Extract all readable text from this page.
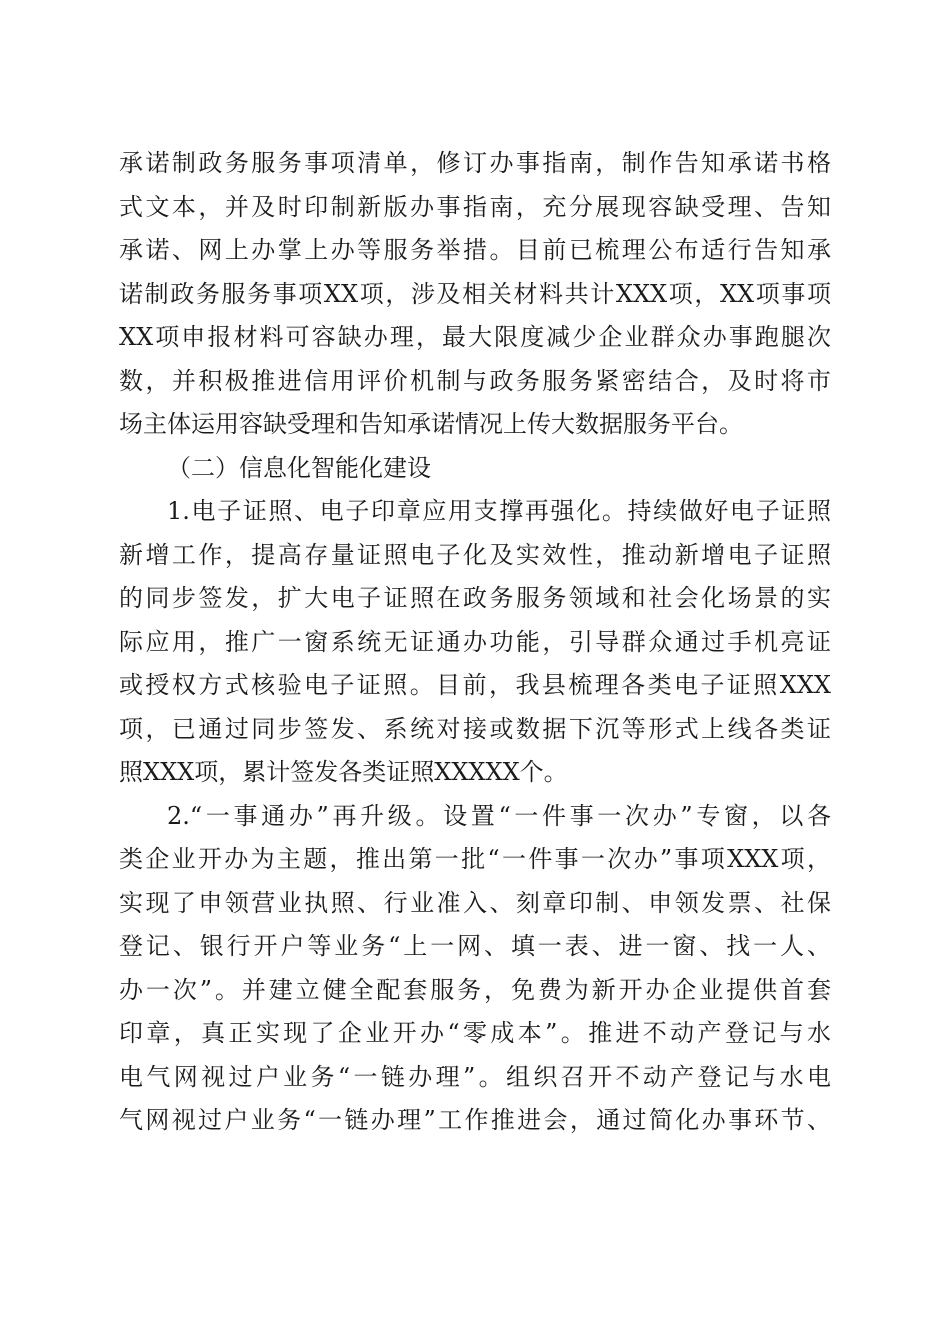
承诺制政务服务事项清单，修订办事指南，制作告知承诺书格
式文本，并及时印制新版办事指南，充分展现容缺受理、告知
承诺、网上办掌上办等服务举措。目前已梳理公布适行告知承
诺制政务服务事项XX项，涉及相关材料共计XXX项，XX项事项
XX项申报材料可容缺办理，最大限度减少企业群众办事跑腿次
数，并积极推进信用评价机制与政务服务紧密结合，及时将市
场主体运用容缺受理和告知承诺情况上传大数据服务平台。
（二）信息化智能化建设
1.电子证照、电子印章应用支撑再强化。持续做好电子证照
新增工作，提高存量证照电子化及实效性，推动新增电子证照
的同步签发，扩大电子证照在政务服务领域和社会化场景的实
际应用，推广一窗系统无证通办功能，引导群众通过手机亮证
或授权方式核验电子证照。目前，我县梳理各类电子证照XXX
项，已通过同步签发、系统对接或数据下沉等形式上线各类证
照XXX项，累计签发各类证照XXXXX个。
2.“一事通办”再升级。设置“一件事一次办”专窗，以各
类企业开办为主题，推出第一批“一件事一次办”事项XXX项，
实现了申领营业执照、行业准入、刻章印制、申领发票、社保
登记、银行开户等业务“上一网、填一表、进一窗、找一人、
办一次”。并建立健全配套服务，免费为新开办企业提供首套
印章，真正实现了企业开办“零成本”。推进不动产登记与水
电气网视过户业务“一链办理”。组织召开不动产登记与水电
气网视过户业务“一链办理”工作推进会，通过简化办事环节、
